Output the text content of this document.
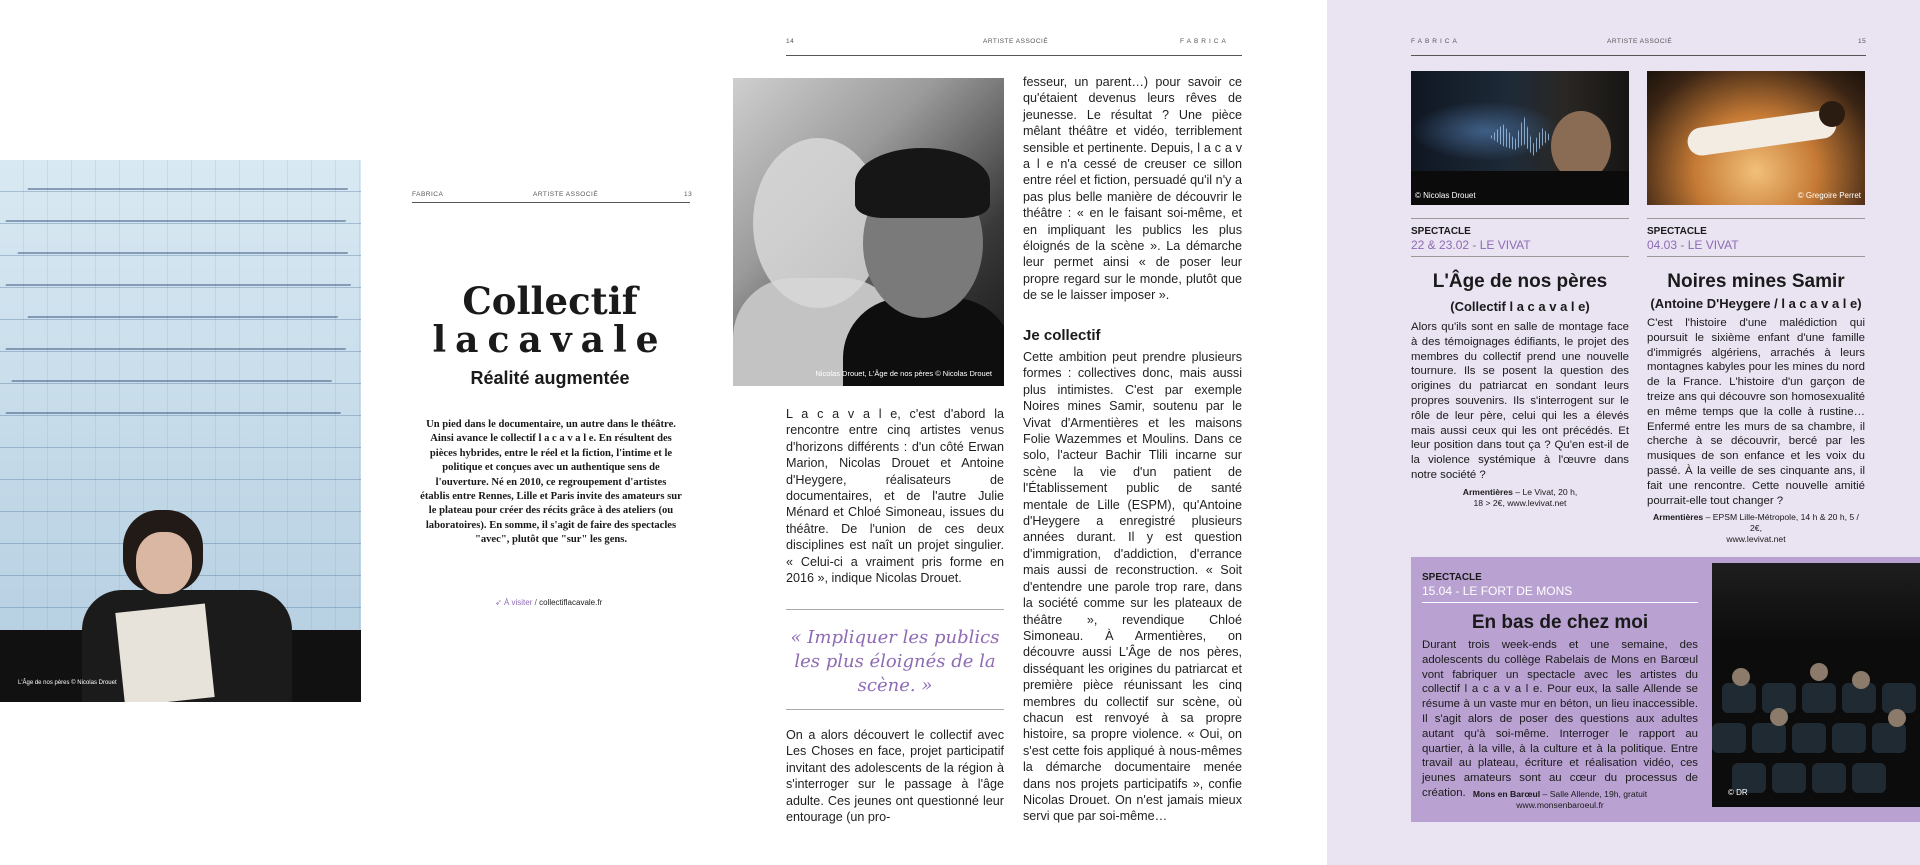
L'Âge de nos pères © Nicolas Drouet
FABRICA	ARTISTE ASSOCIÉ	13
Collectif
lacavale
Réalité augmentée
Un pied dans le documentaire, un autre dans le théâtre. Ainsi avance le collectif l a c a v a l e. En résultent des pièces hybrides, entre le réel et la fiction, l'intime et le politique et conçues avec un authentique sens de l'ouverture. Né en 2010, ce regroupement d'artistes établis entre Rennes, Lille et Paris invite des amateurs sur le plateau pour créer des récits grâce à des ateliers (ou laboratoires). En somme, il s'agit de faire des spectacles "avec", plutôt que "sur" les gens.
➶ À visiter / collectiflacavale.fr
14	ARTISTE ASSOCIÉ	FABRICA
Nicolas Drouet, L'Âge de nos pères © Nicolas Drouet
L a c a v a l e, c'est d'abord la rencontre entre cinq artistes venus d'horizons différents : d'un côté Erwan Marion, Nicolas Drouet et Antoine d'Heygere, réalisateurs de documentaires, et de l'autre Julie Ménard et Chloé Simoneau, issues du théâtre. De l'union de ces deux disciplines est naît un projet singulier. « Celui-ci a vraiment pris forme en 2016 », indique Nicolas Drouet.
« Impliquer les publics les plus éloignés de la scène. »
On a alors découvert le collectif avec Les Choses en face, projet participatif invitant des adolescents de la région à s'interroger sur le passage à l'âge adulte. Ces jeunes ont questionné leur entourage (un pro-
fesseur, un parent…) pour savoir ce qu'étaient devenus leurs rêves de jeunesse. Le résultat ? Une pièce mêlant théâtre et vidéo, terriblement sensible et pertinente. Depuis, l a c a v a l e n'a cessé de creuser ce sillon entre réel et fiction, persuadé qu'il n'y a pas plus belle manière de découvrir le théâtre : « en le faisant soi-même, et en impliquant les publics les plus éloignés de la scène ». La démarche leur permet ainsi « de poser leur propre regard sur le monde, plutôt que de se le laisser imposer ».
Je collectif
Cette ambition peut prendre plusieurs formes : collectives donc, mais aussi plus intimistes. C'est par exemple Noires mines Samir, soutenu par le Vivat d'Armentières et les maisons Folie Wazemmes et Moulins. Dans ce solo, l'acteur Bachir Tlili incarne sur scène la vie d'un patient de l'Établissement public de santé mentale de Lille (ESPM), qu'Antoine d'Heygere a enregistré plusieurs années durant. Il y est question d'immigration, d'addiction, d'errance mais aussi de reconstruction. « Soit d'entendre une parole trop rare, dans la société comme sur les plateaux de théâtre », revendique Chloé Simoneau. À Armentières, on découvre aussi L'Âge de nos pères, disséquant les origines du patriarcat et première pièce réunissant les cinq membres du collectif sur scène, où chacun est renvoyé à sa propre histoire, sa propre violence. « Oui, on s'est cette fois appliqué à nous-mêmes la démarche documentaire menée dans nos projets participatifs », confie Nicolas Drouet. On n'est jamais mieux servi que par soi-même…
FABRICA	ARTISTE ASSOCIÉ	15
© Nicolas Drouet	© Gregoire Perret
SPECTACLE
22 & 23.02 - LE VIVAT
L'Âge de nos pères
(Collectif l a c a v a l e)
Alors qu'ils sont en salle de montage face à des témoignages édifiants, le projet des membres du collectif prend une nouvelle tournure. Ils se posent la question des origines du patriarcat en sondant leurs propres souvenirs. Ils s'interrogent sur le rôle de leur père, celui qui les a élevés mais aussi ceux qui les ont précédés. Et leur position dans tout ça ? Qu'en est-il de la violence systémique à l'œuvre dans notre société ?
Armentières – Le Vivat, 20 h,
18 > 2€, www.levivat.net
SPECTACLE
04.03 - LE VIVAT
Noires mines Samir
(Antoine D'Heygere / l a c a v a l e)
C'est l'histoire d'une malédiction qui poursuit le sixième enfant d'une famille d'immigrés algériens, arrachés à leurs montagnes kabyles pour les mines du nord de la France. L'histoire d'un garçon de treize ans qui découvre son homosexualité en même temps que la colle à rustine… Enfermé entre les murs de sa chambre, il cherche à se découvrir, bercé par les musiques de son enfance et les voix du passé. À la veille de ses cinquante ans, il fait une rencontre. Cette nouvelle amitié pourrait-elle tout changer ?
Armentières – EPSM Lille-Métropole, 14 h & 20 h, 5 / 2€,
www.levivat.net
SPECTACLE
15.04 - LE FORT DE MONS
En bas de chez moi
Durant trois week-ends et une semaine, des adolescents du collège Rabelais de Mons en Barœul vont fabriquer un spectacle avec les artistes du collectif l a c a v a l e. Pour eux, la salle Allende se résume à un vaste mur en béton, un lieu inaccessible. Il s'agit alors de poser des questions aux adultes autant qu'à soi-même. Interroger le rapport au quartier, à la ville, à la culture et à la politique. Entre travail au plateau, écriture et réalisation vidéo, ces jeunes amateurs sont au cœur du processus de création. Mons en Barœul – Salle Allende, 19h, gratuit
www.monsenbaroeul.fr
© DR
